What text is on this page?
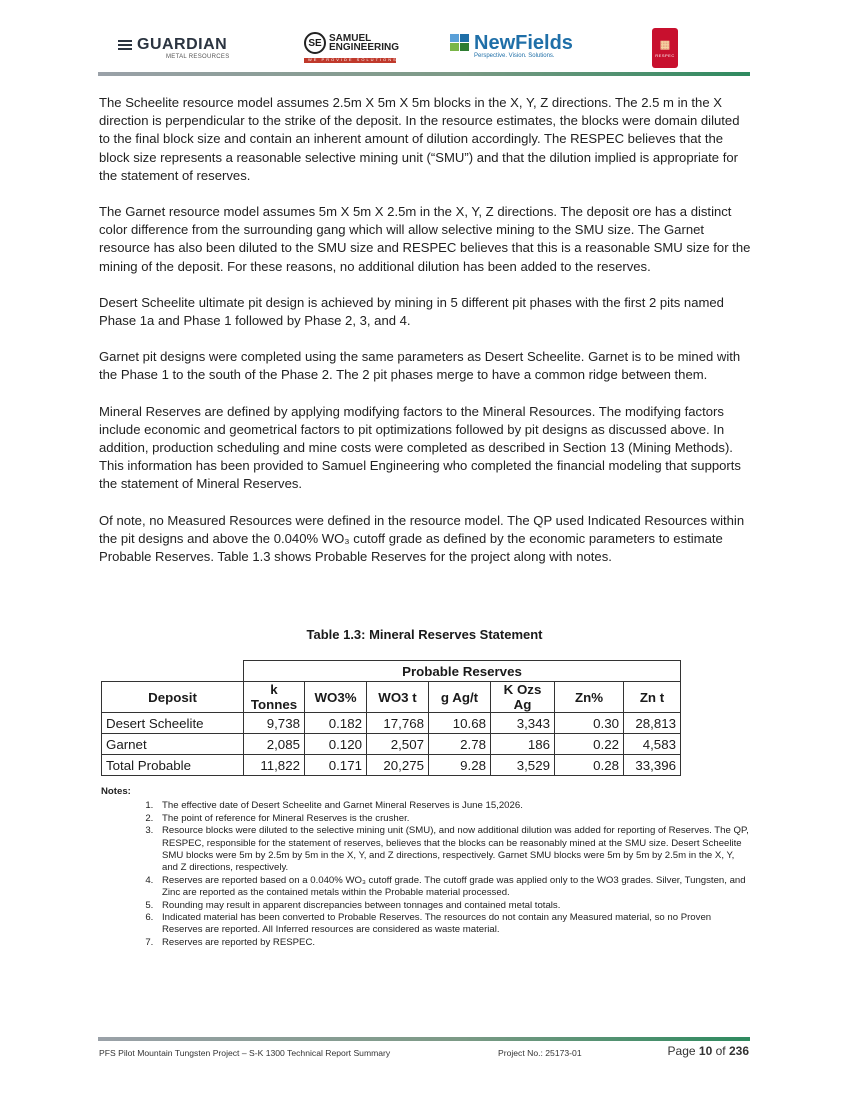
GUARDIAN
METAL RESOURCES
SE SAMUEL
ENGINEERING
WE PROVIDE SOLUTIONS
NewFields
Perspective. Vision. Solutions.
▦
RESPEC

The Scheelite resource model assumes 2.5m X 5m X 5m blocks in the X, Y, Z directions. The 2.5 m in the X direction is perpendicular to the strike of the deposit. In the resource estimates, the blocks were domain diluted to the final block size and contain an inherent amount of dilution accordingly. The RESPEC believes that the block size represents a reasonable selective mining unit (“SMU”) and that the dilution implied is appropriate for the statement of reserves.

The Garnet resource model assumes 5m X 5m X 2.5m in the X, Y, Z directions. The deposit ore has a distinct color difference from the surrounding gang which will allow selective mining to the SMU size. The Garnet resource has also been diluted to the SMU size and RESPEC believes that this is a reasonable SMU size for the mining of the deposit. For these reasons, no additional dilution has been added to the reserves.

Desert Scheelite ultimate pit design is achieved by mining in 5 different pit phases with the first 2 pits named Phase 1a and Phase 1 followed by Phase 2, 3, and 4.

Garnet pit designs were completed using the same parameters as Desert Scheelite. Garnet is to be mined with the Phase 1 to the south of the Phase 2. The 2 pit phases merge to have a common ridge between them.

Mineral Reserves are defined by applying modifying factors to the Mineral Resources. The modifying factors include economic and geometrical factors to pit optimizations followed by pit designs as discussed above. In addition, production scheduling and mine costs were completed as described in Section 13 (Mining Methods). This information has been provided to Samuel Engineering who completed the financial modeling that supports the statement of Mineral Reserves.

Of note, no Measured Resources were defined in the resource model. The QP used Indicated Resources within the pit designs and above the 0.040% WO₃ cutoff grade as defined by the economic parameters to estimate Probable Reserves. Table 1.3 shows Probable Reserves for the project along with notes.

Table 1.3: Mineral Reserves Statement
	Probable Reserves						
Deposit	k Tonnes	WO3%	WO3 t	g Ag/t	K Ozs Ag	Zn%	Zn t
Desert Scheelite	9,738	0.182	17,768	10.68	3,343	0.30	28,813
Garnet	2,085	0.120	2,507	2.78	186	0.22	4,583
Total Probable	11,822	0.171	20,275	9.28	3,529	0.28	33,396
Notes:
1. The effective date of Desert Scheelite and Garnet Mineral Reserves is June 15,2026.
2. The point of reference for Mineral Reserves is the crusher.
3. Resource blocks were diluted to the selective mining unit (SMU), and now additional dilution was added for reporting of Reserves. The QP, RESPEC, responsible for the statement of reserves, believes that the blocks can be reasonably mined at the SMU size. Desert Scheelite SMU blocks were 5m by 2.5m by 5m in the X, Y, and Z directions, respectively. Garnet SMU blocks were 5m by 5m by 2.5m in the X, Y, and Z directions, respectively.
4. Reserves are reported based on a 0.040% WO₃ cutoff grade. The cutoff grade was applied only to the WO3 grades. Silver, Tungsten, and Zinc are reported as the contained metals within the Probable material processed.
5. Rounding may result in apparent discrepancies between tonnages and contained metal totals.
6. Indicated material has been converted to Probable Reserves. The resources do not contain any Measured material, so no Proven Reserves are reported. All Inferred resources are considered as waste material.
7. Reserves are reported by RESPEC.
PFS Pilot Mountain Tungsten Project – S-K 1300 Technical Report Summary	Project No.: 25173-01	Page 10 of 236
